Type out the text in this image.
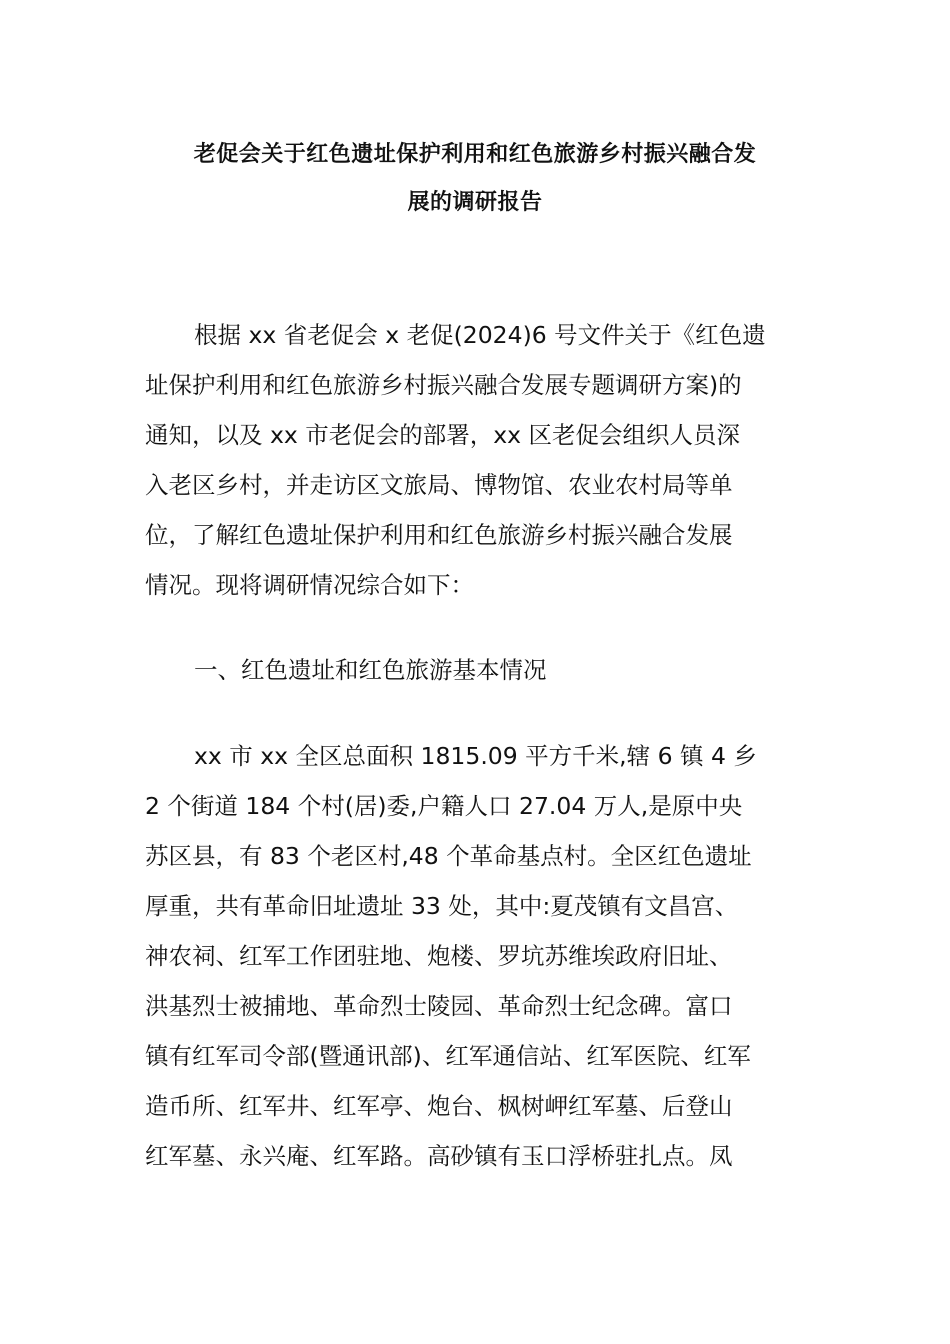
老促会关于红色遗址保护利用和红色旅游乡村振兴融合发
展的调研报告
根据 xx 省老促会 x 老促(2024)6 号文件关于《红色遗
址保护利用和红色旅游乡村振兴融合发展专题调研方案)的
通知，以及 xx 市老促会的部署，xx 区老促会组织人员深
入老区乡村，并走访区文旅局、博物馆、农业农村局等单
位，了解红色遗址保护利用和红色旅游乡村振兴融合发展
情况。现将调研情况综合如下：
一、红色遗址和红色旅游基本情况
xx 市 xx 全区总面积 1815.09 平方千米,辖 6 镇 4 乡
2 个街道 184 个村(居)委,户籍人口 27.04 万人,是原中央
苏区县，有 83 个老区村,48 个革命基点村。全区红色遗址
厚重，共有革命旧址遗址 33 处，其中:夏茂镇有文昌宫、
神农祠、红军工作团驻地、炮楼、罗坑苏维埃政府旧址、
洪基烈士被捕地、革命烈士陵园、革命烈士纪念碑。富口
镇有红军司令部(暨通讯部)、红军通信站、红军医院、红军
造币所、红军井、红军亭、炮台、枫树岬红军墓、后登山
红军墓、永兴庵、红军路。高砂镇有玉口浮桥驻扎点。凤
